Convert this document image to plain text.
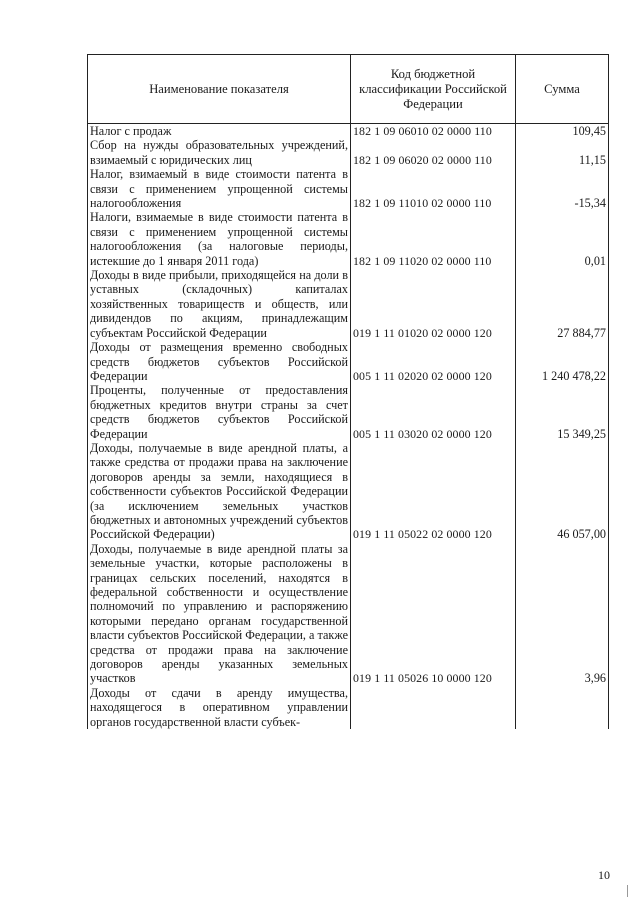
Наименование показателя	Код бюджетной классификации Российской Федерации	Сумма
Налог с продаж	182 1 09 06010 02 0000 110	109,45
Сбор на нужды образовательных учреждений, взимаемый с юридических лиц	182 1 09 06020 02 0000 110	11,15
Налог, взимаемый в виде стоимости патента в связи с применением упрощенной системы налогообложения	182 1 09 11010 02 0000 110	-15,34
Налоги, взимаемые в виде стоимости патента в связи с применением упрощенной системы налогообложения (за налоговые периоды, истекшие до 1 января 2011 года)	182 1 09 11020 02 0000 110	0,01
Доходы в виде прибыли, приходящейся на доли в уставных (складочных) капиталах хозяйственных товариществ и обществ, или дивидендов по акциям, принадлежащим субъектам Российской Федерации	019 1 11 01020 02 0000 120	27 884,77
Доходы от размещения временно свободных средств бюджетов субъектов Российской Федерации	005 1 11 02020 02 0000 120	1 240 478,22
Проценты, полученные от предоставления бюджетных кредитов внутри страны за счет средств бюджетов субъектов Российской Федерации	005 1 11 03020 02 0000 120	15 349,25
Доходы, получаемые в виде арендной платы, а также средства от продажи права на заключение договоров аренды за земли, находящиеся в собственности субъектов Российской Федерации (за исключением земельных участков бюджетных и автономных учреждений субъектов Российской Федерации)	019 1 11 05022 02 0000 120	46 057,00
Доходы, получаемые в виде арендной платы за земельные участки, которые расположены в границах сельских поселений, находятся в федеральной собственности и осуществление полномочий по управлению и распоряжению которыми передано органам государственной власти субъектов Российской Федерации, а также средства от продажи права на заключение договоров аренды указанных земельных участков	019 1 11 05026 10 0000 120	3,96
Доходы от сдачи в аренду имущества, находящегося в оперативном управлении органов государственной власти субъек-		
10
